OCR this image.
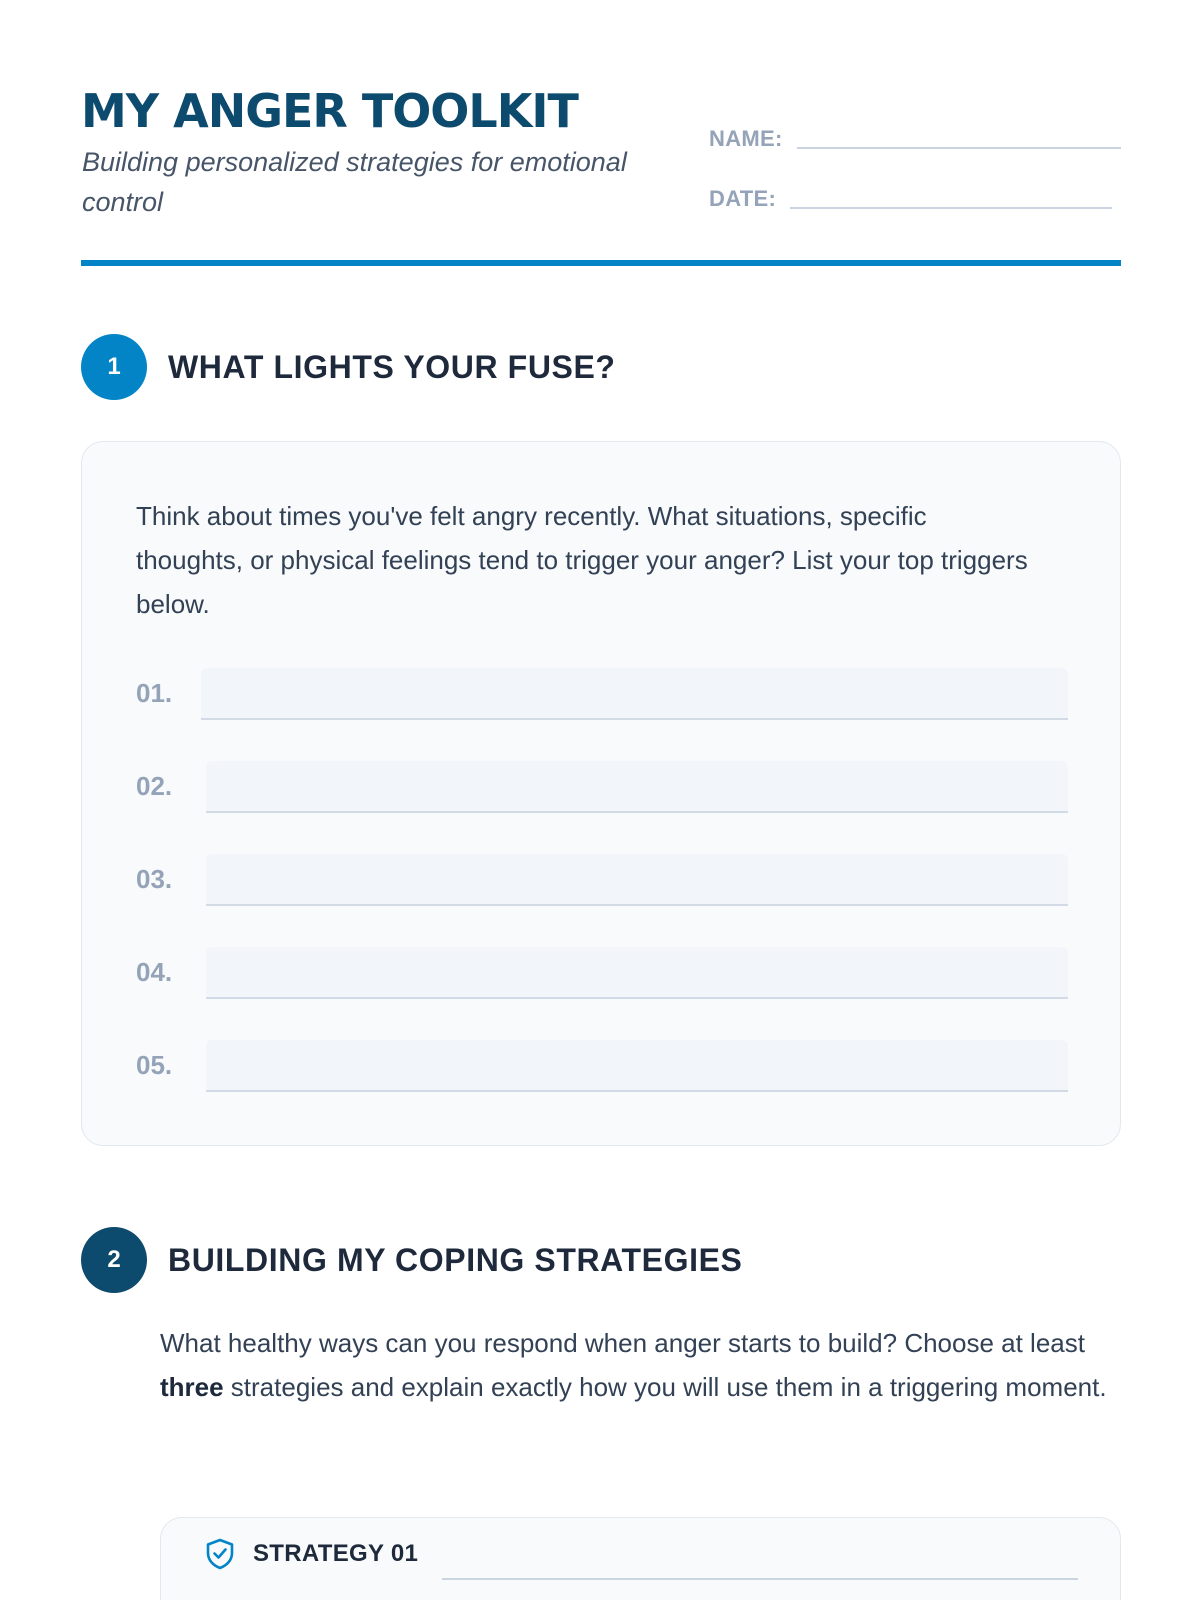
MY ANGER TOOLKIT
Building personalized strategies for emotional control
NAME:
DATE:
1	WHAT LIGHTS YOUR FUSE?
Think about times you've felt angry recently. What situations, specific thoughts, or physical feelings tend to trigger your anger? List your top triggers below.
01.
02.
03.
04.
05.
2	BUILDING MY COPING STRATEGIES
What healthy ways can you respond when anger starts to build? Choose at least three strategies and explain exactly how you will use them in a triggering moment.
STRATEGY 01
